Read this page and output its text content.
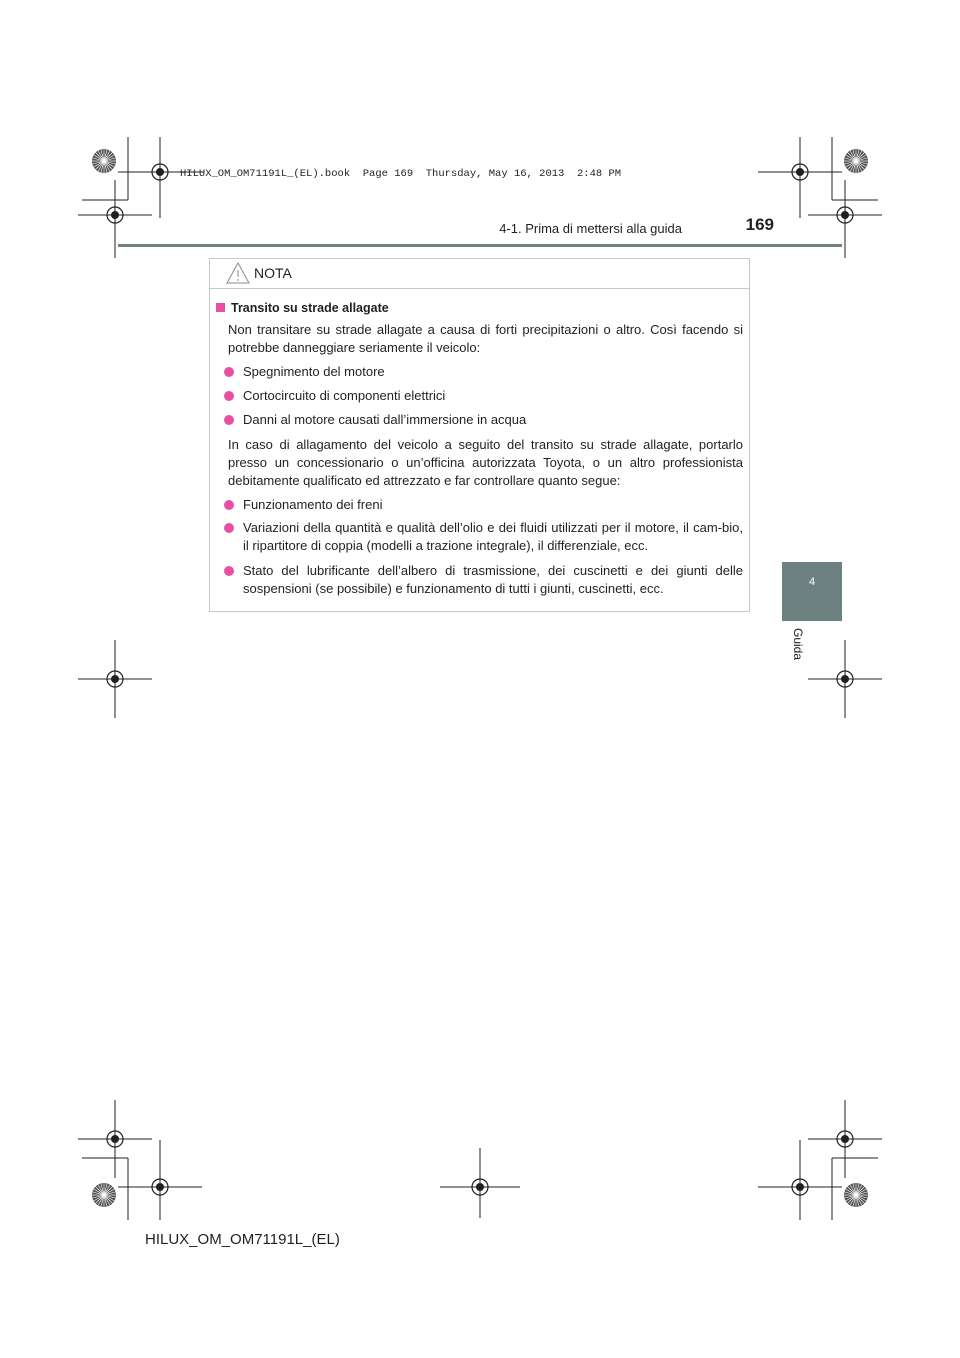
HILUX_OM_OM71191L_(EL).book  Page 169  Thursday, May 16, 2013  2:48 PM
4-1. Prima di mettersi alla guida	169
4
Guida
NOTA
Transito su strade allagate
Non transitare su strade allagate a causa di forti precipitazioni o altro. Così facendo si potrebbe danneggiare seriamente il veicolo:
Spegnimento del motore
Cortocircuito di componenti elettrici
Danni al motore causati dall’immersione in acqua
In caso di allagamento del veicolo a seguito del transito su strade allagate, portarlo presso un concessionario o un’officina autorizzata Toyota, o un altro professionista debitamente qualificato ed attrezzato e far controllare quanto segue:
Funzionamento dei freni
Variazioni della quantità e qualità dell’olio e dei fluidi utilizzati per il motore, il cam-bio, il ripartitore di coppia (modelli a trazione integrale), il differenziale, ecc.
Stato del lubrificante dell’albero di trasmissione, dei cuscinetti e dei giunti delle sospensioni (se possibile) e funzionamento di tutti i giunti, cuscinetti, ecc.
HILUX_OM_OM71191L_(EL)
